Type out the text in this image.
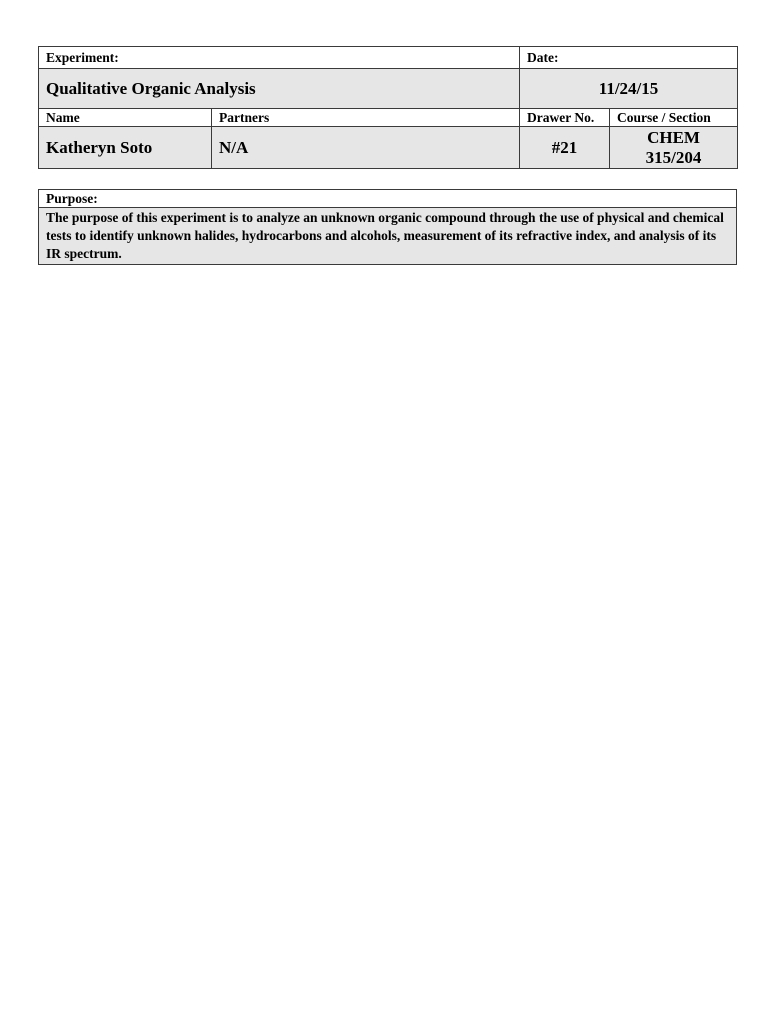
Experiment:		Date:	
Qualitative Organic Analysis		11/24/15	
Name	Partners	Drawer No.	Course / Section
Katheryn Soto	N/A	#21	CHEM
315/204
Purpose:
The purpose of this experiment is to analyze an unknown organic compound through the use of physical and chemical tests to identify unknown halides, hydrocarbons and alcohols, measurement of its refractive index, and analysis of its IR spectrum.
